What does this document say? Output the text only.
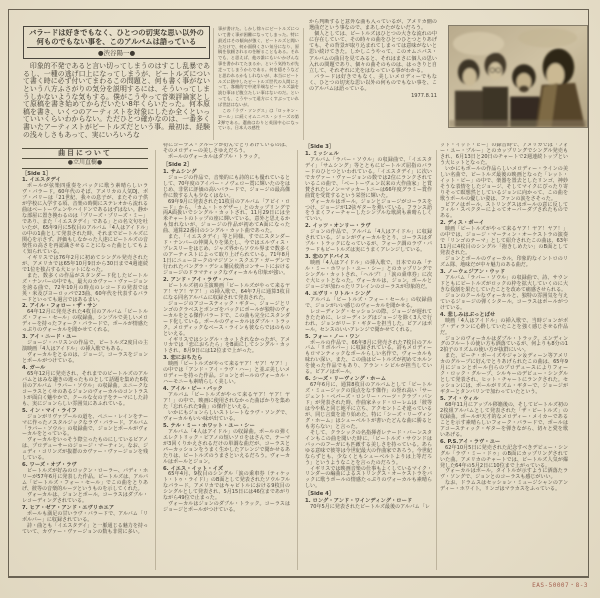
バラードは好きでもなく、ひとつの切実な思い以外の
何ものでもない事を、このアルバムは語っている
●渋谷陽一●
印象的不発であると言い切ってしまうのはすこし乱暴であるし、一種の逃げ口上になってしまうが、ビートルズについて書く時に必ず付いてまわるこの問題と、何も書く事がないという八方ふさがりの気分を説明するには、そういってしまうしかないような気もする。僕がこうやって音楽評論家として原稿を書き始めてからだいたい8年くらいたった。何本原稿を書き、いくつのアーティストを対象にしたか全くといっていいくらいわからない。ただひとつ確かなのは、一番多く書いたアーティストがビートルズだという事。最初は、経験の浅々しさもあって、実にいろいろな
事が書けた。しかし徐々にビートルズについて書く事が困難になってしまった。特に最近はその傾向が強く、ビートルズと聞いただけで、何か面倒くさい気分になり、原稿を依頼されるのを断ることもある。それでも、と思えば、他の誰にもいいかげんな事を書かれてたまるか、という気持ちが先走ってしまうからである。何を隠そうなどと思われるかもしれないが、本当にビートルズに熱中したビートルズ世代の人間にとって、客観的で中途半端なビートルズ論を読む事ほど腹立たしい事はないのだ。といっても、こうやって遠方にくすぶっていれば世話はないが。
この「ラヴ・ソングス」は「ロッキン・ロール」に続くオムニバス・シリーズの第2弾である。選曲はわりと英国中心になっている。日本人の感性
から判断すると意外な曲も入っているが、アメリカ側の選曲だという事なので、まあしかたがないだろう。
個人としては、ビートルズはひとつの大きな流れの中に存在していて、その時々の曲をひとつひとつとりあげても、その背景が取り込まれてしまっては意味がないと思い続けてきた。しかしこうやって、このオムニバス・アルバムの曲目を見てみると、それはまさに個人の思い入れの問題であり、個々の曲そのものは、はっきりと自立して、それぞれに光をはなっている事がわかる。
バラードは好きでもなく、美しいメロディーでもなく、ひとつの切実な思い以外の何ものでもない事を、このアルバムは語っている。
1977.8.11
曲目について
●立川直樹●
［Side 1］
1. イエスタデイ
ポールが弦楽四重奏をバックに歌う素晴らしいラヴ・バラード。60年代のそば、アメリカの人気DJ、ボブ・パリーは「21世紀、我々の息子が、またその子供が学校に入学する頃、音楽の時間にステレオから流れる曲はベートーヴェンやハイドンであるはずはない。静かな部屋に置き換わるのは「プリーズ・プリーズ・ミー」であり、また「イエスタデイ」である」との名文句を吐いたが、65年9月に5枚目のアルバム「4人はアイドル」の中の1曲として発表された時、それまでビートルズに関心を示さず、評価もしなかった人達にビートルズの音楽性の高さを再認識させることになった曲としてもよく知られている。
イギリスでは76年2月に初めてシングル発売されたが、アメリカでは65年10月9日から30日まで4週連続で1位を独占する大ヒットになった。
また、数多くの作品がスタンダード化したビートルズ・ナンバーの中でも、最大のカヴァー・ヴァージョンを誇る曲で、72年10月の時点のレコードの発表では英・米及びヨーロッパで23曲、60年代を代表するバラードといっても過言ではあるまい。
2. アイル・フォロー・ザ・サン
64年12月に発売された4枚目のアルバム「ビートルズ・フォー・セール」の収録曲。シンプルで美しいメロディーを持ったフォーク・バラードで、ポールが情感たっぷりのヴォーカルを聞かせてくれる。
3. アイ・ニード・ユー
ジョージ・ハリスンの作品で、ビートルズ2度目の主演映画「4人はアイドル」の挿入歌でもある。
ヴォーカルをとるのは、ジョージ。コーラスをジョンとポールがつけている。
4. ガール
65年12月に発売され、それまでのビートルズのアルバムとはみな趣きの違ったものとして話題を集めた6枚目のアルバム「ラバー・ソウル」の収録曲。ユニークなコーラスとくせのあるジョンのヴォーカルのコントラストが面白く魅やかで、クールな女の子をテーマにした詩も、実にジョンらしい雰囲気にあふれている。
5. イン・マイ・ライフ
ジョンがリヴァプールの道を、ペニー・レインをテーマに作ったノスタルジックなラヴ・バラード。アルバム「ラバー・ソウル」の収録曲で、ジョンとポールがヴォーカルをとっている。
ヴォーカルをいっそう際立ったものにしているピアノは、プロデューサーのジョージ・マーティン。なお、ジュディ・コリンズが抜群のカヴァー・ヴァージョンを残している。
6. ワーズ・オブ・ラヴ
ビートルズが好みのロックン・ローラー、バディ・ホリーが57年6月に発表した作品。ビートルズは、アルバム「ビートルズ・フォー・セール」でこの曲をとりあげ、彼等の音楽的ルーツというものを示してくれた。
ヴォーカルは、ジョンとポール。コーラスはダブル・レコーディングされている。
7. ヒア・ゼア・アンド・エヴリホエア
ポールも満足の甘いラヴ・バラードで、アルバム「リボルバー」に収録されている。
詩・曲とも「イエスタデイ」と一脈通じる魅力を持っていて、カヴァー・ヴァージョンの数も非常に多い。
特にコーラス・グループが好んでとりあげているのは、そのメロディーの美しさゆえだろう。
ポールのヴォーカルはダブル・トラック。
［Side 2］
1. サムシング
ジョージの作品で、音楽的にも詩的にも優れているとして、70年度のアイバー・ノヴェロー賞に輝いたのをはじめ、非常に評価の高いバラードで、ジョージの最高傑作に数する人も少なくはない。
69年9月に発表された11枚目のアルバム「アビイ・ロード」から、「カム・トゥゲザー」とのカップリングで両A面扱いでシングル・カットされ、11月29日には全米チャートのトップの座に輝いている。意外と思えるかも知れないが、ジョージの作品が初めてA面になった曲、通算22番目のシングル・カット曲であった。
また、「イエスタデイ」等と同様、すでにスタンダード・ナンバーの仲間入りを果たし、今ではエルヴィス・プレスリーをはじめ、ジャズ界からソウル界まで数多くのアーティストによって取り上げられている。71年8月1日にニューヨークのマジソン・スクエア・ガーデンで行われたバングラ・デシュ難民救済コンサートにおけるジョージのドラマティックなヴォーカルも印象が強い。
2. アンド・アイ・ラヴ・ハー
ビートルズ初の主演映画「ビートルズがやって来るヤア！ヤア！ヤア！」の挿入歌で、64年7月に通算3枚目になる同名アルバムに収録されて発表された。
ジョージのアコースティック・ギター、ジョージとリンゴのクラベスとボンゴをバックにポールが独特のヴォーカルをとる傑作バラードで、この曲も完全にスタンダード化している。ポールのヴォーカルはダブル・トラック。メロディックなベース・ラインも彼ならではのものといえる。
イギリスではシングル・カットされなかったが、アメリカでは「恋におちたら」をB面にしてシングル・カットされ、8月9日には12位まで上がった。
3. 恋におちたら
映画「ビートルズがやって来るヤア！ヤア！ヤア！」の中では「アンド・アイ・ラヴ・ハー」と並ぶ美しいメロディーを持った作品。ジョンとポールのヴォーカル・ハーモニーも素晴らしく美しい。
4. アイル・ビー・バック
アルバム「ビートルズがやって来るヤア！ヤア！ヤア！」の中で、映画に使用されなかった曲ばかりを集めた「忘れられた9曲」の傑作といえる。
いかにもジョンらしいストレートなラヴ・ソングで、ヴォーカルもいい味が出ている。
5. テル・ミー・ホワット・ユー・シー
アルバム「4人はアイドル」の収録曲。ポールの弾くエレクトリック・ピアノの短いソロをはさんで、テーマが3回くりかえされるだけの単調な曲だが、コーラスとパーカッションをうまく生かしたアレンジで聞かせるあたりは、ビートルズのうまさといえるだろう。ヴォーカルはポールとジョン。
6. イエス・イット・イズ
65年4月、9枚目のシングル「涙の乗車券（ティケット・トゥ・ライド）」のB面として発表されたソウルフルなバラード。アメリカではキャピトルにおける9枚目のシングルとして発表され、5月15日には46位まであがりながら49位で止まった。
ヴォーカルはジョンのダブル・トラック。コーラスはジョージとポールがつけている。
［Side 3］
1. ミッシェル
アルバム「ラバー・ソウル」の収録曲で、「イエスタデイ」「サムシング」等とともにビートルズ屈指のバラードのひとつといわれている。「イエスタデイ」に次いでカヴァー・ヴァージョンの数では2位にランクされているこの曲で、「ベートーヴェン以来の大作曲家」と賞賛されたレノン＝マッカートニーは66年度グラミー賞作曲賞を受賞するという栄誉に輝いた。
ヴォーカルはポール。ジョンとジョージがコーラスをつけ、ジョージが12弦ギターを弾いている。フランス語をうまくフィーチャーしたシンプルな歌詞も素晴らしくていい。
2. イッツ・オンリー・ラヴ
ジョンの作品で、アルバム「4人はアイドル」に収録されている。ジョンがヴォーカルをとり、コーラスはダブル・トラックになっているが、フォーク調のラヴ・バラードもビートルズは実にうまくアレンジしている。
3. 恋のアドバイス
映画「4人はアイドル」の挿入歌で、日本でのみ「テル・ミー・ホワット・ユー・シー」とのカップリングでシングル・カットされ、「ヘルプ！」「涙の乗車券」に次ぐ大ヒットとなった。ヴォーカルは、ジョン。ポールとジョージが加わったリフレインのコーラスが印象的だ。
4. エヴリ・リトル・シング
アルバム「ビートルズ・フォー・セール」の収録曲で、ジョンがいい感じのヴォーカルを聞かせる。
レコーディング・セッションの際、ジョージが遅れてきたために、レコーディングはジョージを除く3人で行われ、ジョンがリード・ギターを担当した。ピアノはポール。センスのいいアレンジで聞かせてくれる。
5. フォー・ノー・ワン
ポールの作品で、66年8月に発売された7枚目のアルバム「リボルバー」に収録されている。詩もメロディーもロマンティックなポールらしい名作で、ヴォーカルも味わい深い。また、この曲はビートルズが初めてホルンを使った作品でもあり、アラン・シビルが担当している。ピアノはポール。
6. シーズ・リーヴィング・ホーム
67年6月に、通算8枚目のアルバムとして「ビートルズ・ミュージックの頂点をなす傑作」の誉れ高い「サージェント・ペパーズ・ロンリー・ハーツ・クラブ・バンド」が発表された時、作曲家ネッド・ローレムは「彼等は今や私と同じ地平に立ち、アクセントこそ違っているが、同じ言葉を語り始めた。特に「シーズ・リーヴィング・ホーム」はシューベルトが書いたどんな曲に勝るとも劣らない」と言った。
そして、クラシックの名指揮者レナード・バーンスタインもこの曲を聞いた時に、「ビートルズ・サウンドはバッハのフーガにも匹敵する美しさを持っている。あらゆる意味で彼等は今世紀最大の作曲家であろう。今世紀ならずとも、少なくともシューベルトよりは上等だろう」というようなことを言ったのだろう。
イギリスでは映画音楽の仕事もよくしているマイク・リンダーの編曲によるストリングス・オーケストラをバックに歌うポールの情感たっぷりのヴォーカルも素晴らしい。
［Side 4］
1. ロング・アンド・ワインディング・ロード
70年5月に発表されたビートルズ最後のアルバム「レ
ット・イット・ビー」の録音時で、アメリカでは「フォー・ユー・ブルー」とのカップリングでシングル発売もされ、6月13日と20日のチャートで2週連続トップという大ヒットとなった。
いかにもポールの作品らしいメロディー・ラインの美しい名曲で、ビートルズ最後の映画となった「レット・イット・ビー」の中で、楽器を置去としたリンゴ、神妙そうな表情をしたジョージ、そしてマイクにぴったり寄りそって瞑想然としているジョンに向かって、この曲を歌うポールの優しい姿は、ファンの涙をさそった。
ピアノはポール、ストリングスはポールの意に反してフィル・スペクターによってオーバーダブされたものである。
2. ディス・ボーイ
映画「ビートルズがやって来るヤア！ヤア！ヤア！」の中では、ジョージ・マーティン・オーケストラの演奏で「リンゴのテーマ」として紹介されたこの曲は、63年11月に4枚目のシングル「抱きしめたい」のB面として発表された。
ジョンとポールのヴォーカル。印象的なイントロのリズム隊、地味だが中々魅力のある曲だ。
3. ノーウェジアン・ウッド
アルバム「ラバー・ソウル」の収録曲で、詩、サウンドともにビートルズがロックの枠を拡大していくのに大きな役割を果たしていたことを改めて痛感させられる。
ジョンのクールなヴォーカルと、独特の雰囲気を与えているジョージの弾くシタール。コーラスはポールがつけている。
4. 悲しみはぶっとばせ
映画「4人はアイドル」の挿入歌で、当時ジョンがボブ・ディランに心酔していたことを強く感じさせる作品だ。
ジョンのヴォーカルはダブル・トラック。エンディングのフルートの使い方も洒落ているが、何よりも8分の12拍子のリズムの使い方が抜群にいい。
また、ビーチ・ボーイズやジャン＆ディーン等アメリカのグループに好んでとりあげられたこの曲は、65年9月にジョンとポール自らのプロデュースによりフォーク・ロック・グループ、シルキーのデビュー・シングルとして発表され、ヒット・チャートにランクされた。セッションには、ポールがリズム・ギターで、ジョージがギターとタンバリンで加わっていたという。
5. アイ・ウィル
68年11月にアップル移籍後の、そしてビートルズ初の2枚組アルバムとして発表された「ザ・ビートルズ」の収録曲。ポールが天才的なメロディー・メイカーであることを示す素晴らしいフォーク・バラードで、ポールはアコースティック・ギターを弾きながら、切々と愛を歌いあげる。
6. P.S.アイ・ラヴ・ユー
62年10月5日に発売された記念すべきデビュー・シングル「ラヴ・ミー・ドゥ」のB面にカップリングされていた曲。アメリカのチャートでは、ビートルズ人気が爆発した64年の5月2日に10位まで上がっている。
ヴォーカルはポール。タイトルが示すように洒落たラヴ・ソングで、ジョンとのコーラスも感じがいい。
なお、ドラムスはセッション・ミュージシャンのアンディー・ホワイト。リンゴはマラカスをふっている。
EAS-50007・8-3
